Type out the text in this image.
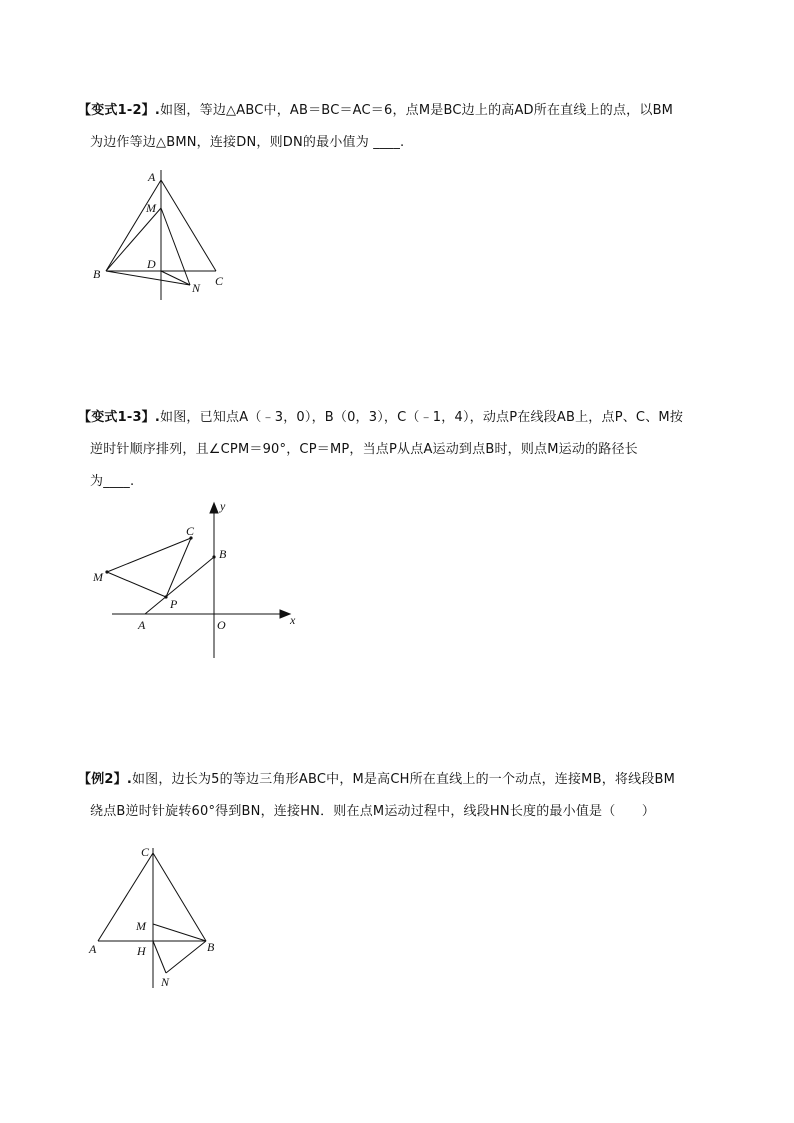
【变式1-2】.如图，等边△ABC中，AB＝BC＝AC＝6，点M是BC边上的高AD所在直线上的点，以BM
为边作等边△BMN，连接DN，则DN的最小值为 ____.
A
M
B
D
C
N
【变式1-3】.如图，已知点A（﹣3，0），B（0，3），C（﹣1，4），动点P在线段AB上，点P、C、M按
逆时针顺序排列，且∠CPM＝90°，CP＝MP，当点P从点A运动到点B时，则点M运动的路径长
为____.
y
x
C
B
M
P
A	O
【例2】.如图，边长为5的等边三角形ABC中，M是高CH所在直线上的一个动点，连接MB，将线段BM
绕点B逆时针旋转60°得到BN，连接HN．则在点M运动过程中，线段HN长度的最小值是（　　）
C
M
A	H	B
N
